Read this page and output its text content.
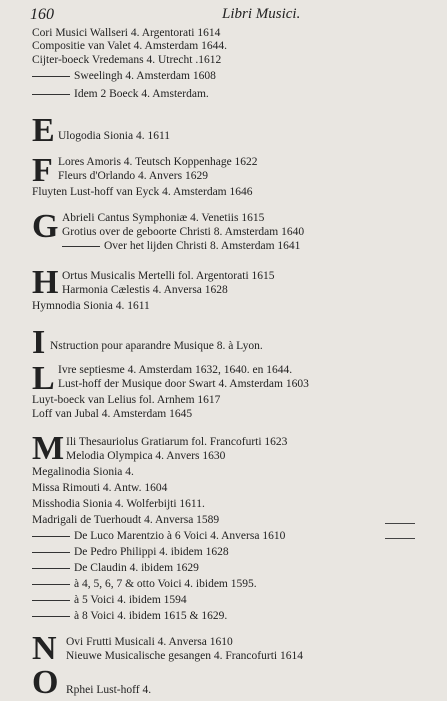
160	Libri Musici.
Cori Musici Wallseri 4. Argentorati 1614
Compositie van Valet 4. Amsterdam 1644.
Cijter-boeck Vredemans 4. Utrecht .1612
Sweelingh 4. Amsterdam 1608
Idem 2 Boeck 4. Amsterdam.
E Ulogodia Sionia 4. 1611
F Lores Amoris 4. Teutsch Koppenhage 1622
Fleurs d'Orlando 4. Anvers 1629
Fluyten Lust-hoff van Eyck 4. Amsterdam 1646
G Abrieli Cantus Symphoniæ 4. Venetiis 1615
Grotius over de geboorte Christi 8. Amsterdam 1640
Over het lijden Christi 8. Amsterdam 1641
H Ortus Musicalis Mertelli fol. Argentorati 1615
Harmonia Cælestis 4. Anversa 1628
Hymnodia Sionia 4. 1611
I Nstruction pour aparandre Musique 8. à Lyon.
L Ivre septiesme 4. Amsterdam 1632, 1640. en 1644.
Lust-hoff der Musique door Swart 4. Amsterdam 1603
Luyt-boeck van Lelius fol. Arnhem 1617
Loff van Jubal 4. Amsterdam 1645
M Ili Thesauriolus Gratiarum fol. Francofurti 1623
Melodia Olympica 4. Anvers 1630
Megalinodia Sionia 4.
Missa Rimouti 4. Antw. 1604
Misshodia Sionia 4. Wolferbijti 1611.
Madrigali de Tuerhoudt 4. Anversa 1589
De Luco Marentzio à 6 Voici 4. Anversa 1610
De Pedro Philippi 4. ibidem 1628
De Claudin 4. ibidem 1629
à 4, 5, 6, 7 & otto Voici 4. ibidem 1595.
à 5 Voici 4. ibidem 1594
à 8 Voici 4. ibidem 1615 & 1629.
N Ovi Frutti Musicali 4. Anversa 1610
Nieuwe Musicalische gesangen 4. Francofurti 1614
O Rphei Lust-hoff 4.
